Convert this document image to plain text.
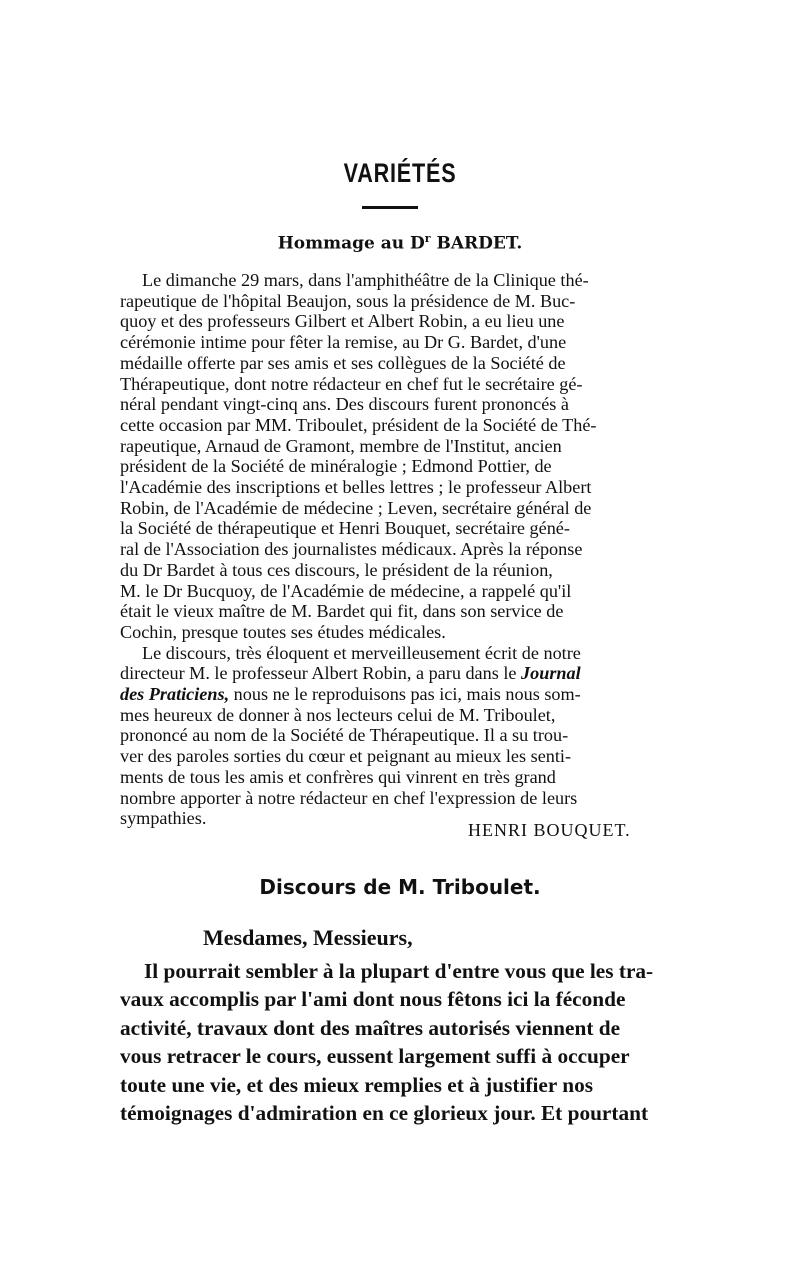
VARIÉTÉS
Hommage au $D^r$ BARDET.
Le dimanche 29 mars, dans l'amphithéâtre de la Clinique thé-
rapeutique de l'hôpital Beaujon, sous la présidence de M. Buc-
quoy et des professeurs Gilbert et Albert Robin, a eu lieu une
cérémonie intime pour fêter la remise, au Dr G. Bardet, d'une
médaille offerte par ses amis et ses collègues de la Société de
Thérapeutique, dont notre rédacteur en chef fut le secrétaire gé-
néral pendant vingt-cinq ans. Des discours furent prononcés à
cette occasion par MM. Triboulet, président de la Société de Thé-
rapeutique, Arnaud de Gramont, membre de l'Institut, ancien
président de la Société de minéralogie ; Edmond Pottier, de
l'Académie des inscriptions et belles lettres ; le professeur Albert
Robin, de l'Académie de médecine ; Leven, secrétaire général de
la Société de thérapeutique et Henri Bouquet, secrétaire géné-
ral de l'Association des journalistes médicaux. Après la réponse
du Dr Bardet à tous ces discours, le président de la réunion,
M. le Dr Bucquoy, de l'Académie de médecine, a rappelé qu'il
était le vieux maître de M. Bardet qui fit, dans son service de
Cochin, presque toutes ses études médicales.
Le discours, très éloquent et merveilleusement écrit de notre
directeur M. le professeur Albert Robin, a paru dans le Journal
des Praticiens, nous ne le reproduisons pas ici, mais nous som-
mes heureux de donner à nos lecteurs celui de M. Triboulet,
prononcé au nom de la Société de Thérapeutique. Il a su trou-
ver des paroles sorties du cœur et peignant au mieux les senti-
ments de tous les amis et confrères qui vinrent en très grand
nombre apporter à notre rédacteur en chef l'expression de leurs
sympathies.
HENRI BOUQUET.
Discours de M. Triboulet.
Mesdames, Messieurs,
Il pourrait sembler à la plupart d'entre vous que les tra-
vaux accomplis par l'ami dont nous fêtons ici la féconde
activité, travaux dont des maîtres autorisés viennent de
vous retracer le cours, eussent largement suffi à occuper
toute une vie, et des mieux remplies et à justifier nos
témoignages d'admiration en ce glorieux jour. Et pourtant
